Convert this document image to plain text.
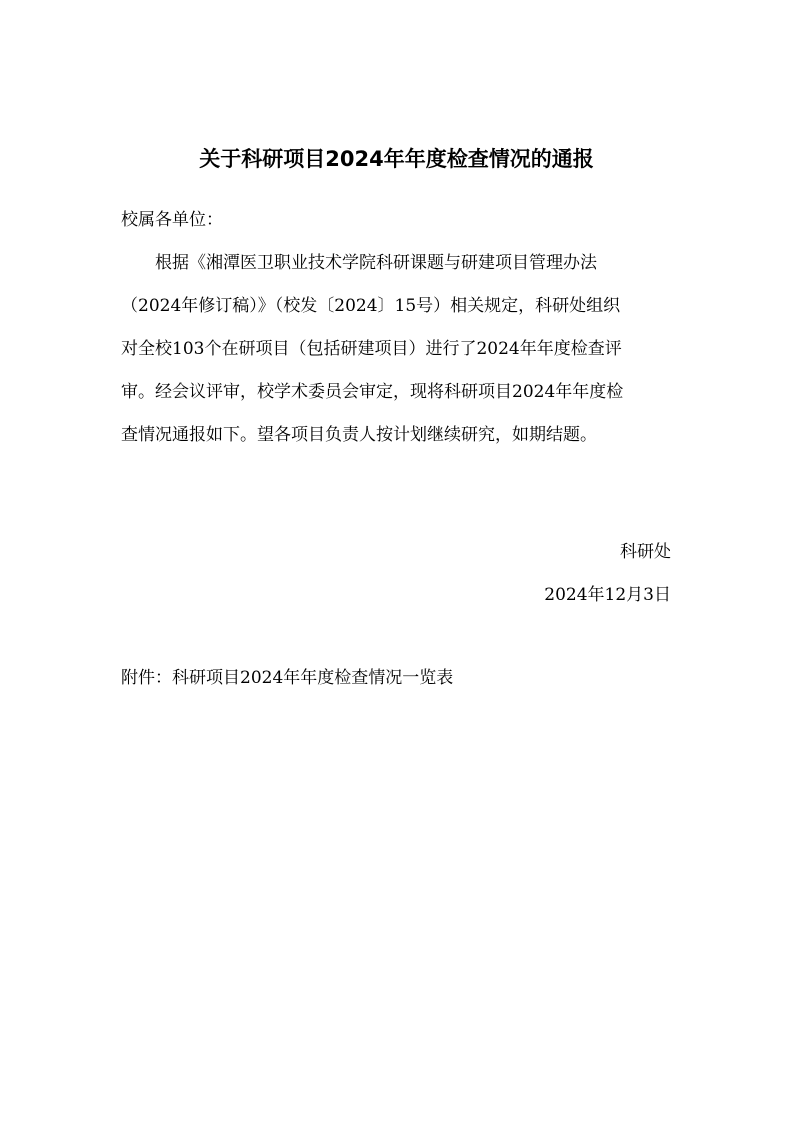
关于科研项目2024年年度检查情况的通报
校属各单位：
　　根据《湘潭医卫职业技术学院科研课题与研建项目管理办法
（2024年修订稿）》（校发〔2024〕15号）相关规定，科研处组织
对全校103个在研项目（包括研建项目）进行了2024年年度检查评
审。经会议评审，校学术委员会审定，现将科研项目2024年年度检
查情况通报如下。望各项目负责人按计划继续研究，如期结题。
科研处
2024年12月3日
附件：科研项目2024年年度检查情况一览表
